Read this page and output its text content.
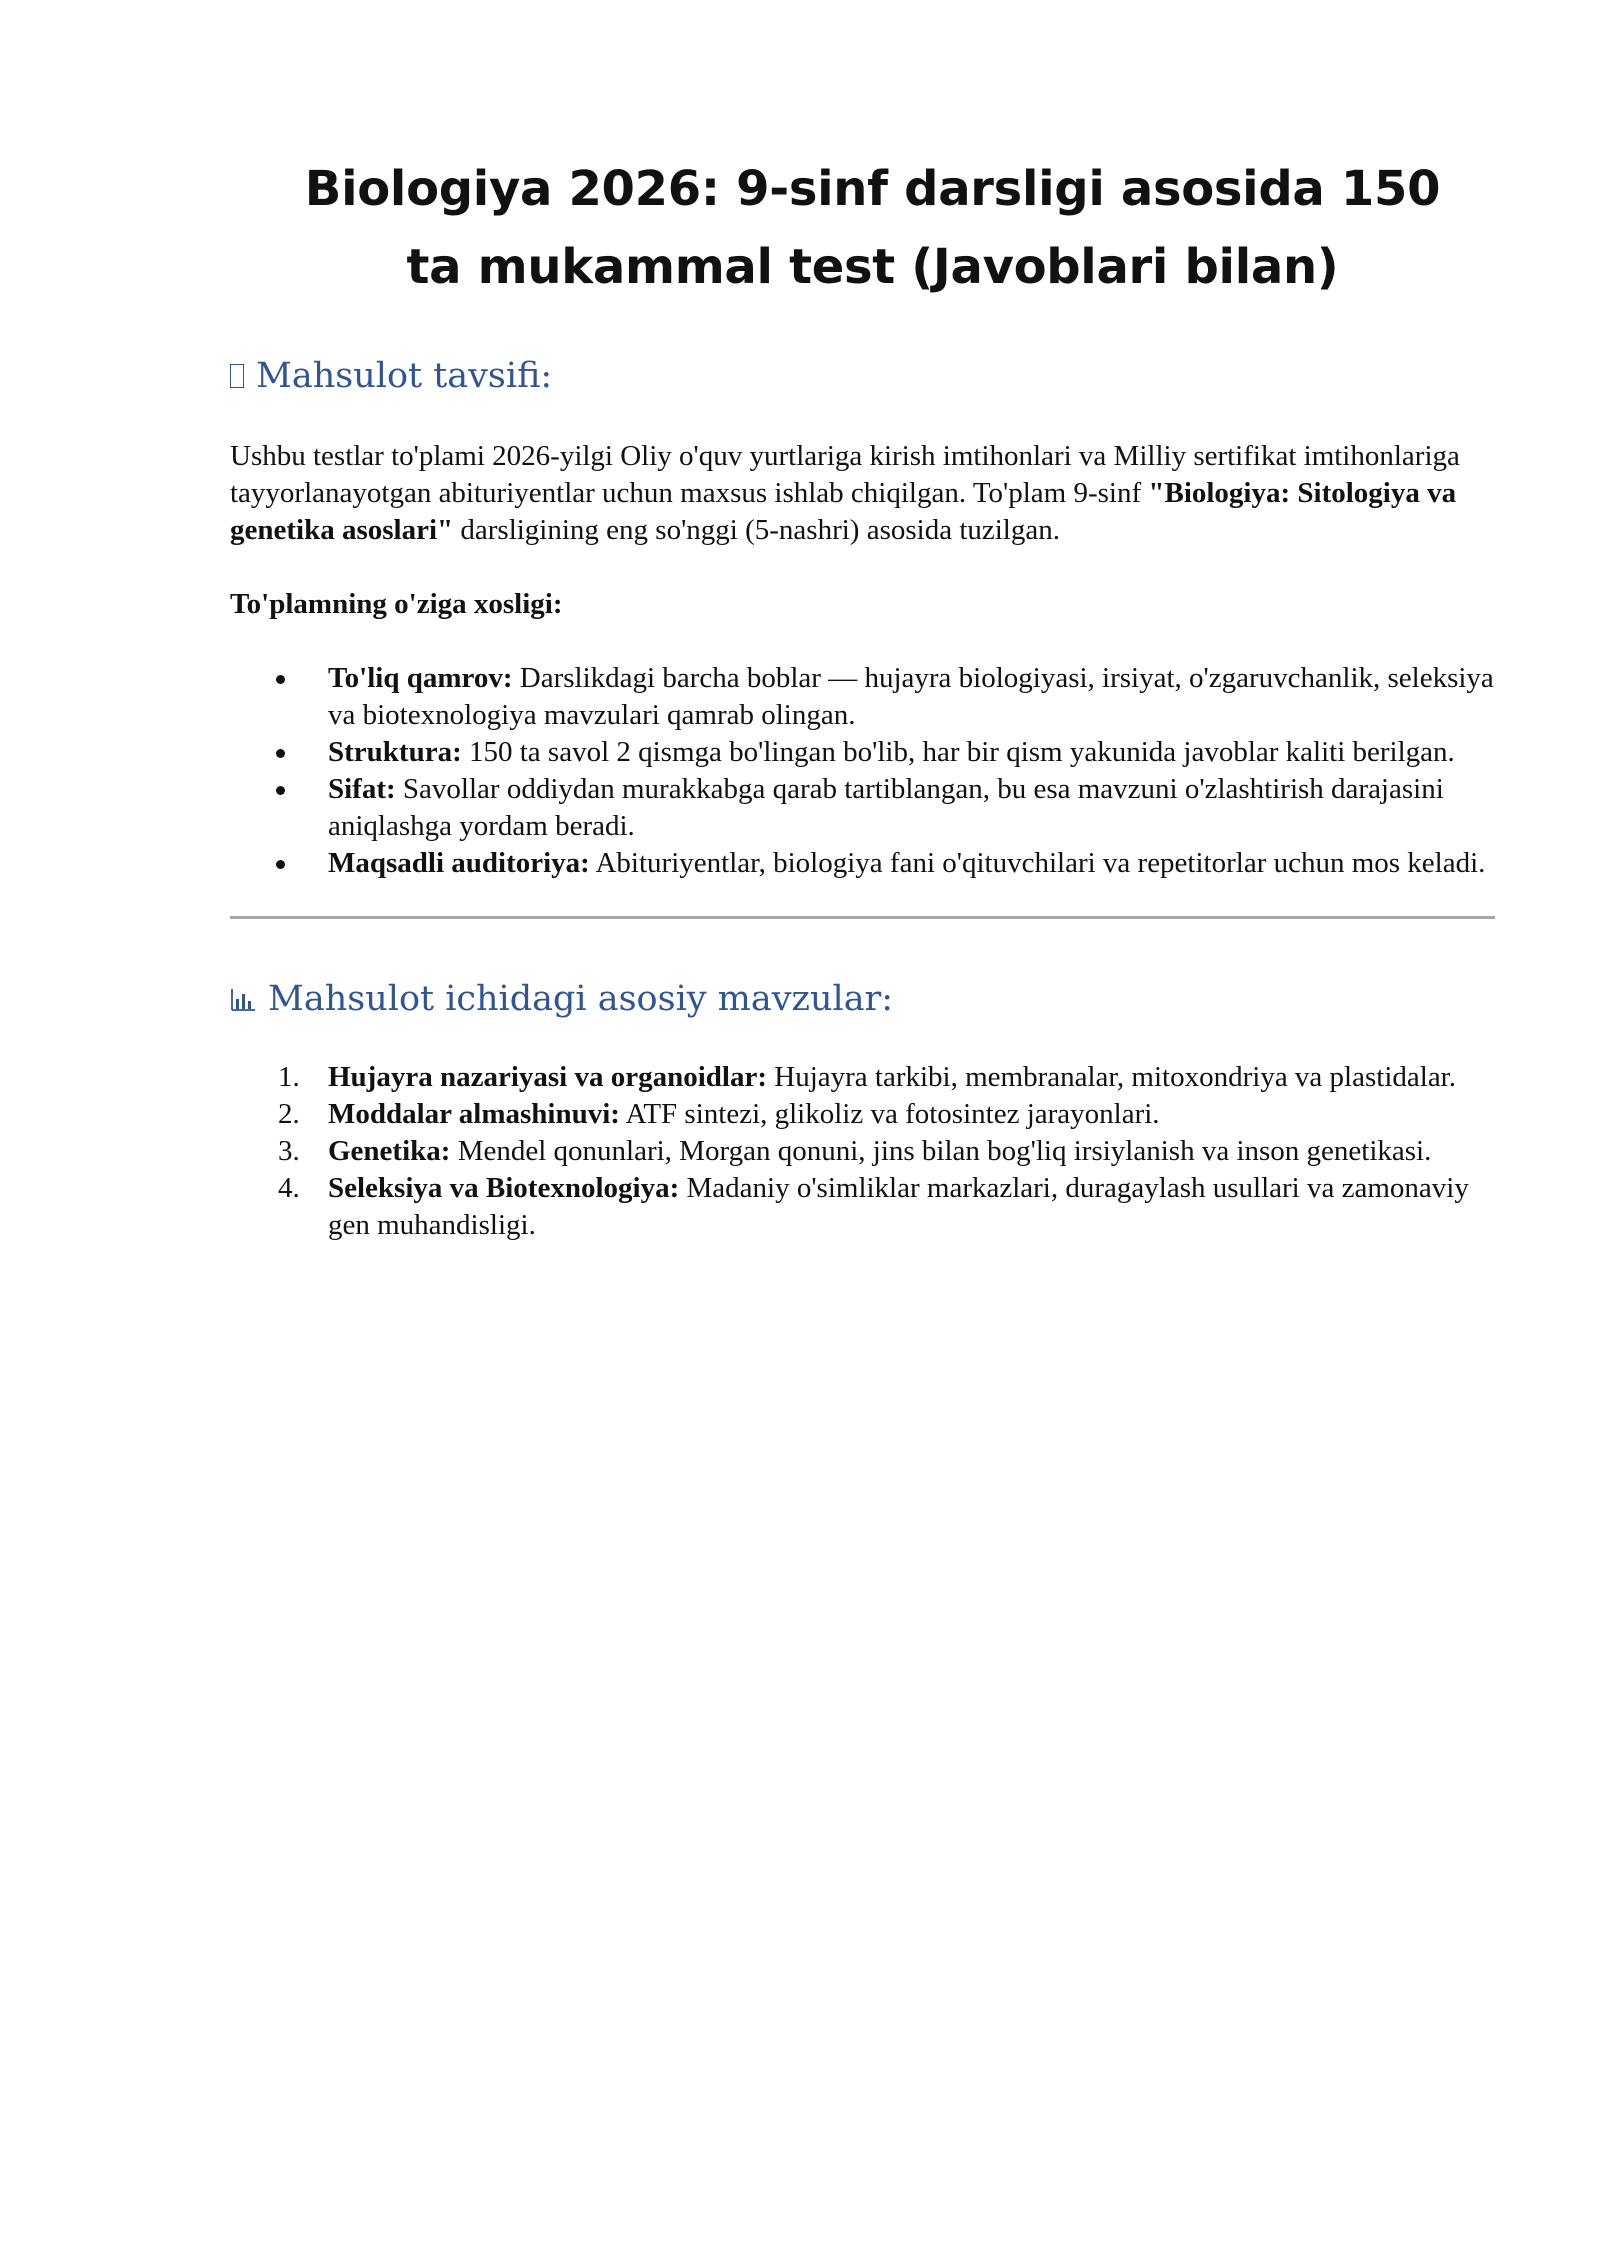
Biologiya 2026: 9-sinf darsligi asosida 150 ta mukammal test (Javoblari bilan)
Mahsulot tavsifi:

Ushbu testlar to'plami 2026-yilgi Oliy o'quv yurtlariga kirish imtihonlari va Milliy sertifikat imtihonlariga tayyorlanayotgan abituriyentlar uchun maxsus ishlab chiqilgan. To'plam 9-sinf "Biologiya: Sitologiya va genetika asoslari" darsligining eng so'nggi (5-nashri) asosida tuzilgan.

To'plamning o'ziga xosligi:

To'liq qamrov: Darslikdagi barcha boblar — hujayra biologiyasi, irsiyat, o'zgaruvchanlik, seleksiya va biotexnologiya mavzulari qamrab olingan.
Struktura: 150 ta savol 2 qismga bo'lingan bo'lib, har bir qism yakunida javoblar kaliti berilgan.
Sifat: Savollar oddiydan murakkabga qarab tartiblangan, bu esa mavzuni o'zlashtirish darajasini aniqlashga yordam beradi.
Maqsadli auditoriya: Abituriyentlar, biologiya fani o'qituvchilari va repetitorlar uchun mos keladi.
Mahsulot ichidagi asosiy mavzular:
Hujayra nazariyasi va organoidlar: Hujayra tarkibi, membranalar, mitoxondriya va plastidalar.
Moddalar almashinuvi: ATF sintezi, glikoliz va fotosintez jarayonlari.
Genetika: Mendel qonunlari, Morgan qonuni, jins bilan bog'liq irsiylanish va inson genetikasi.
Seleksiya va Biotexnologiya: Madaniy o'simliklar markazlari, duragaylash usullari va zamonaviy gen muhandisligi.
